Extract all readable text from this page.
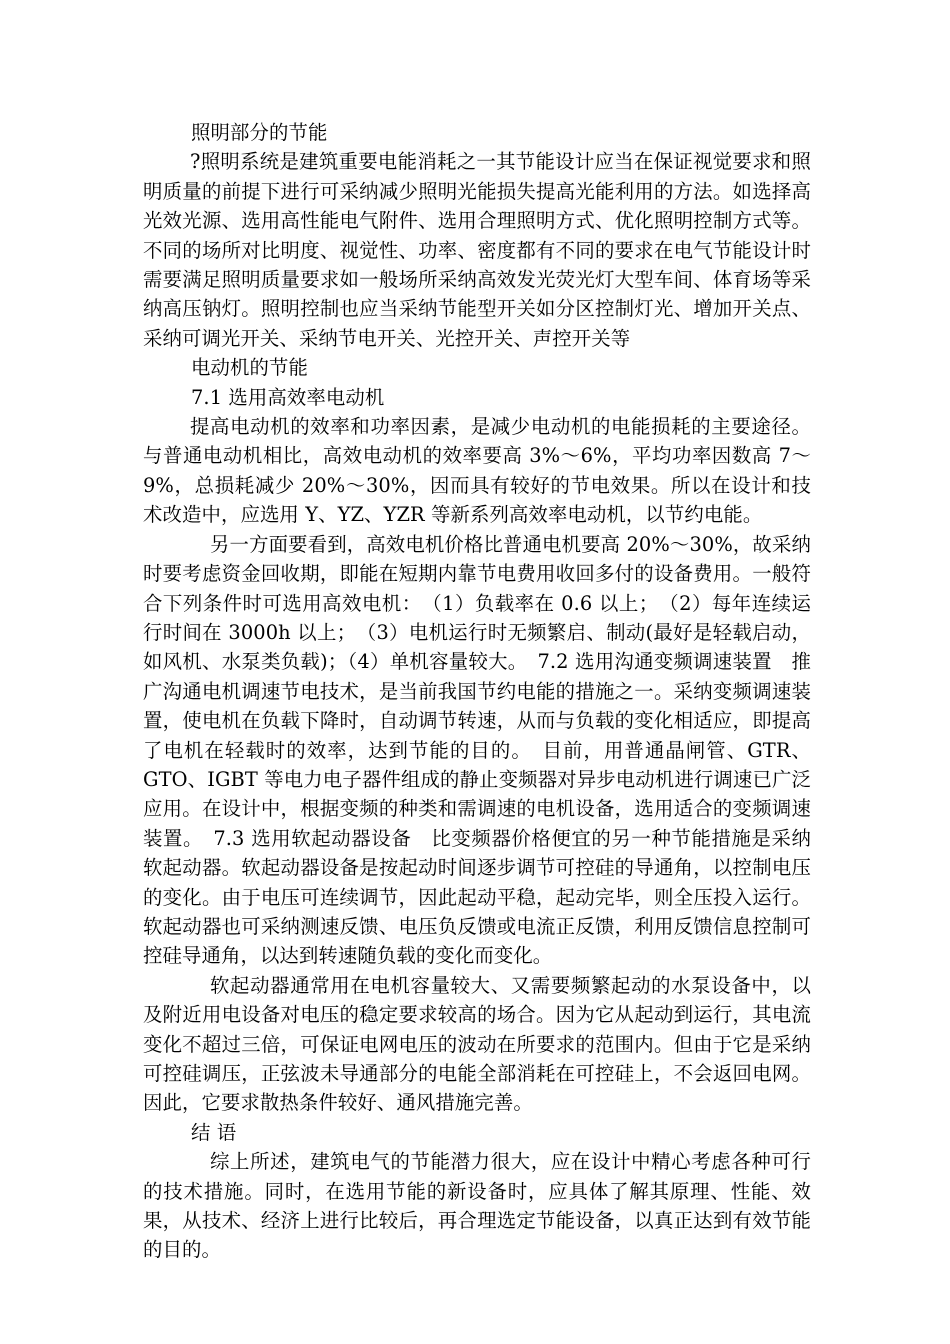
照明部分的节能

?照明系统是建筑重要电能消耗之一其节能设计应当在保证视觉要求和照明质量的前提下进行可采纳减少照明光能损失提高光能利用的方法。如选择高光效光源、选用高性能电气附件、选用合理照明方式、优化照明控制方式等。不同的场所对比明度、视觉性、功率、密度都有不同的要求在电气节能设计时需要满足照明质量要求如一般场所采纳高效发光荧光灯大型车间、体育场等采纳高压钠灯。照明控制也应当采纳节能型开关如分区控制灯光、增加开关点、采纳可调光开关、采纳节电开关、光控开关、声控开关等

电动机的节能

7.1 选用高效率电动机

提高电动机的效率和功率因素，是减少电动机的电能损耗的主要途径。与普通电动机相比，高效电动机的效率要高 3%～6%，平均功率因数高 7～9%，总损耗减少 20%～30%，因而具有较好的节电效果。所以在设计和技术改造中，应选用 Y、YZ、YZR 等新系列高效率电动机，以节约电能。

另一方面要看到，高效电机价格比普通电机要高 20%～30%，故采纳时要考虑资金回收期，即能在短期内靠节电费用收回多付的设备费用。一般符合下列条件时可选用高效电机：　（1）负载率在 0.6 以上；　（2）每年连续运行时间在 3000h 以上；　（3）电机运行时无频繁启、制动(最好是轻载启动，如风机、水泵类负载)；（4）单机容量较大。　7.2 选用沟通变频调速装置　推广沟通电机调速节电技术，是当前我国节约电能的措施之一。采纳变频调速装置，使电机在负载下降时，自动调节转速，从而与负载的变化相适应，即提高了电机在轻载时的效率，达到节能的目的。　目前，用普通晶闸管、GTR、GTO、IGBT 等电力电子器件组成的静止变频器对异步电动机进行调速已广泛应用。在设计中，根据变频的种类和需调速的电机设备，选用适合的变频调速装置。　7.3 选用软起动器设备　比变频器价格便宜的另一种节能措施是采纳软起动器。软起动器设备是按起动时间逐步调节可控硅的导通角，以控制电压的变化。由于电压可连续调节，因此起动平稳，起动完毕，则全压投入运行。软起动器也可采纳测速反馈、电压负反馈或电流正反馈，利用反馈信息控制可控硅导通角，以达到转速随负载的变化而变化。

软起动器通常用在电机容量较大、又需要频繁起动的水泵设备中，以及附近用电设备对电压的稳定要求较高的场合。因为它从起动到运行，其电流变化不超过三倍，可保证电网电压的波动在所要求的范围内。但由于它是采纳可控硅调压，正弦波未导通部分的电能全部消耗在可控硅上，不会返回电网。因此，它要求散热条件较好、通风措施完善。

结 语

综上所述，建筑电气的节能潜力很大，应在设计中精心考虑各种可行的技术措施。同时，在选用节能的新设备时，应具体了解其原理、性能、效果，从技术、经济上进行比较后，再合理选定节能设备，以真正达到有效节能的目的。
